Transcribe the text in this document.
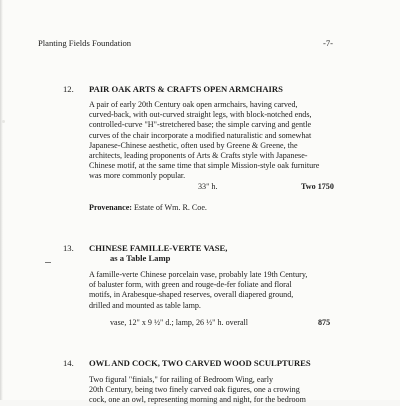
Planting Fields Foundation	-7-
12. PAIR OAK ARTS & CRAFTS OPEN ARMCHAIRS

A pair of early 20th Century oak open armchairs, having carved,

curved-back, with out-curved straight legs, with block-notched ends,

controlled-curve "H"-stretchered base; the simple carving and gentle

curves of the chair incorporate a modified naturalistic and somewhat

Japanese-Chinese aesthetic, often used by Greene & Greene, the

architects, leading proponents of Arts & Crafts style with Japanese-

Chinese motif, at the same time that simple Mission-style oak furniture

was more commonly popular.

33" h.	Two 1750
Provenance: Estate of Wm. R. Coe.
13. CHINESE FAMILLE-VERTE VASE,
as a Table Lamp

A famille-verte Chinese porcelain vase, probably late 19th Century,

of baluster form, with green and rouge-de-fer foliate and floral

motifs, in Arabesque-shaped reserves, overall diapered ground,

drilled and mounted as table lamp.

vase, 12" x 9 ½" d.; lamp, 26 ½" h. overall	875
14. OWL AND COCK, TWO CARVED WOOD SCULPTURES

Two figural "finials," for railing of Bedroom Wing, early

20th Century, being two finely carved oak figures, one a crowing

cock, one an owl, representing morning and night, for the bedroom
